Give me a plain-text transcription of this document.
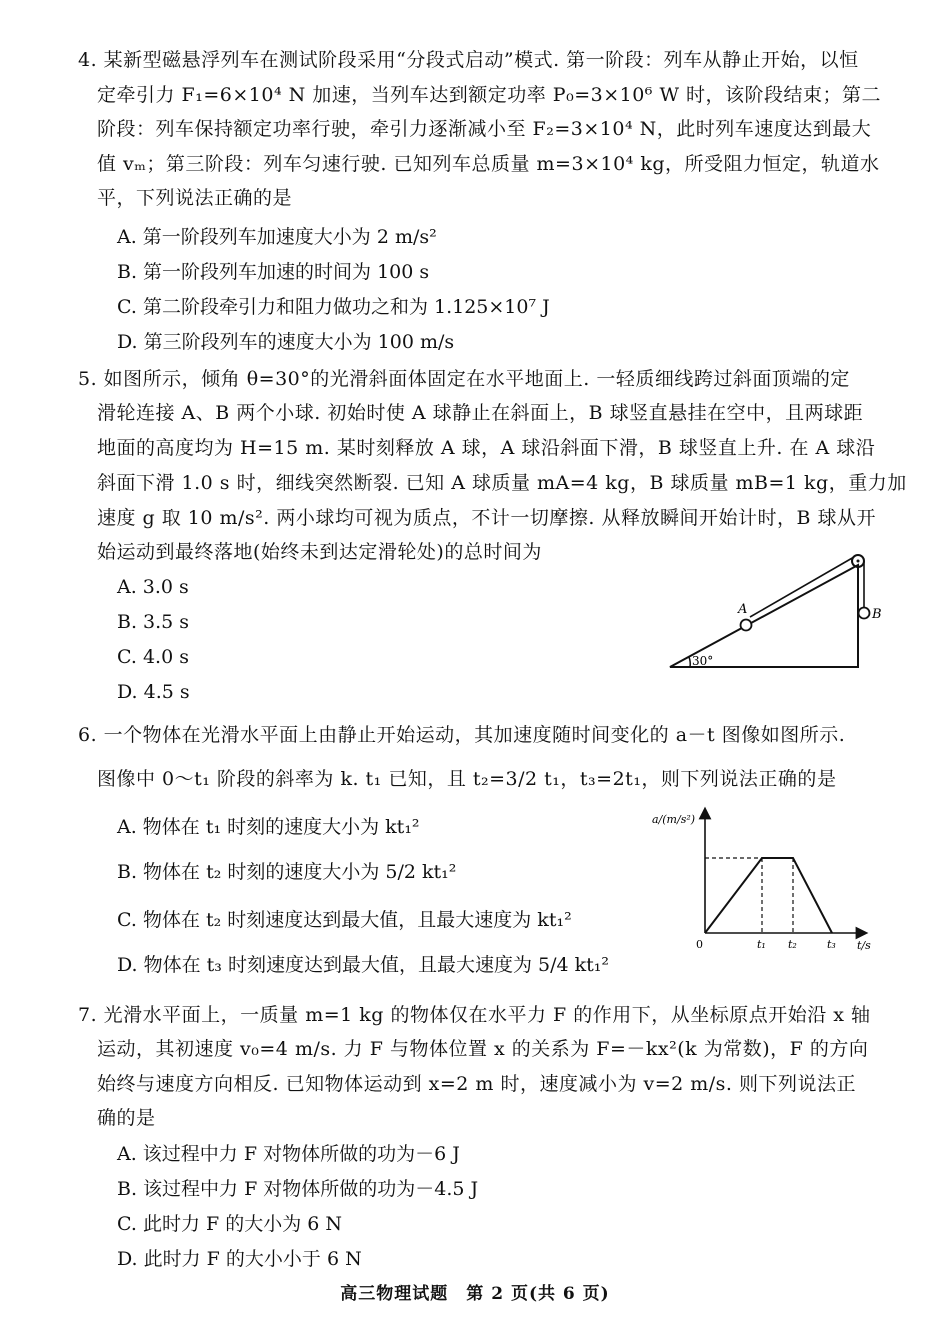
4. 某新型磁悬浮列车在测试阶段采用“分段式启动”模式. 第一阶段：列车从静止开始，以恒
定牵引力 F₁=6×10⁴ N 加速，当列车达到额定功率 P₀=3×10⁶ W 时，该阶段结束；第二
阶段：列车保持额定功率行驶，牵引力逐渐减小至 F₂=3×10⁴ N，此时列车速度达到最大
值 vₘ；第三阶段：列车匀速行驶. 已知列车总质量 m=3×10⁴ kg，所受阻力恒定，轨道水
平，下列说法正确的是
A. 第一阶段列车加速度大小为 2 m/s²
B. 第一阶段列车加速的时间为 100 s
C. 第二阶段牵引力和阻力做功之和为 1.125×10⁷ J
D. 第三阶段列车的速度大小为 100 m/s
5. 如图所示，倾角 θ=30°的光滑斜面体固定在水平地面上. 一轻质细线跨过斜面顶端的定
滑轮连接 A、B 两个小球. 初始时使 A 球静止在斜面上，B 球竖直悬挂在空中，且两球距
地面的高度均为 H=15 m. 某时刻释放 A 球，A 球沿斜面下滑，B 球竖直上升. 在 A 球沿
斜面下滑 1.0 s 时，细线突然断裂. 已知 A 球质量 mA=4 kg，B 球质量 mB=1 kg，重力加
速度 g 取 10 m/s². 两小球均可视为质点，不计一切摩擦. 从释放瞬间开始计时，B 球从开
始运动到最终落地(始终未到达定滑轮处)的总时间为
A. 3.0 s
B. 3.5 s
C. 4.0 s
D. 4.5 s
A	B
30°
6. 一个物体在光滑水平面上由静止开始运动，其加速度随时间变化的 a－t 图像如图所示.
图像中 0～t₁ 阶段的斜率为 k. t₁ 已知，且 t₂=3/2 t₁，t₃=2t₁，则下列说法正确的是
A. 物体在 t₁ 时刻的速度大小为 kt₁²
B. 物体在 t₂ 时刻的速度大小为 5/2 kt₁²
C. 物体在 t₂ 时刻速度达到最大值，且最大速度为 kt₁²
D. 物体在 t₃ 时刻速度达到最大值，且最大速度为 5/4 kt₁²
a/(m/s²)
t/s
0	t₁ t₂	t₃
7. 光滑水平面上，一质量 m=1 kg 的物体仅在水平力 F 的作用下，从坐标原点开始沿 x 轴
运动，其初速度 v₀=4 m/s. 力 F 与物体位置 x 的关系为 F=－kx²(k 为常数)，F 的方向
始终与速度方向相反. 已知物体运动到 x=2 m 时，速度减小为 v=2 m/s. 则下列说法正
确的是
A. 该过程中力 F 对物体所做的功为－6 J
B. 该过程中力 F 对物体所做的功为－4.5 J
C. 此时力 F 的大小为 6 N
D. 此时力 F 的大小小于 6 N
高三物理试题　第 2 页(共 6 页)
